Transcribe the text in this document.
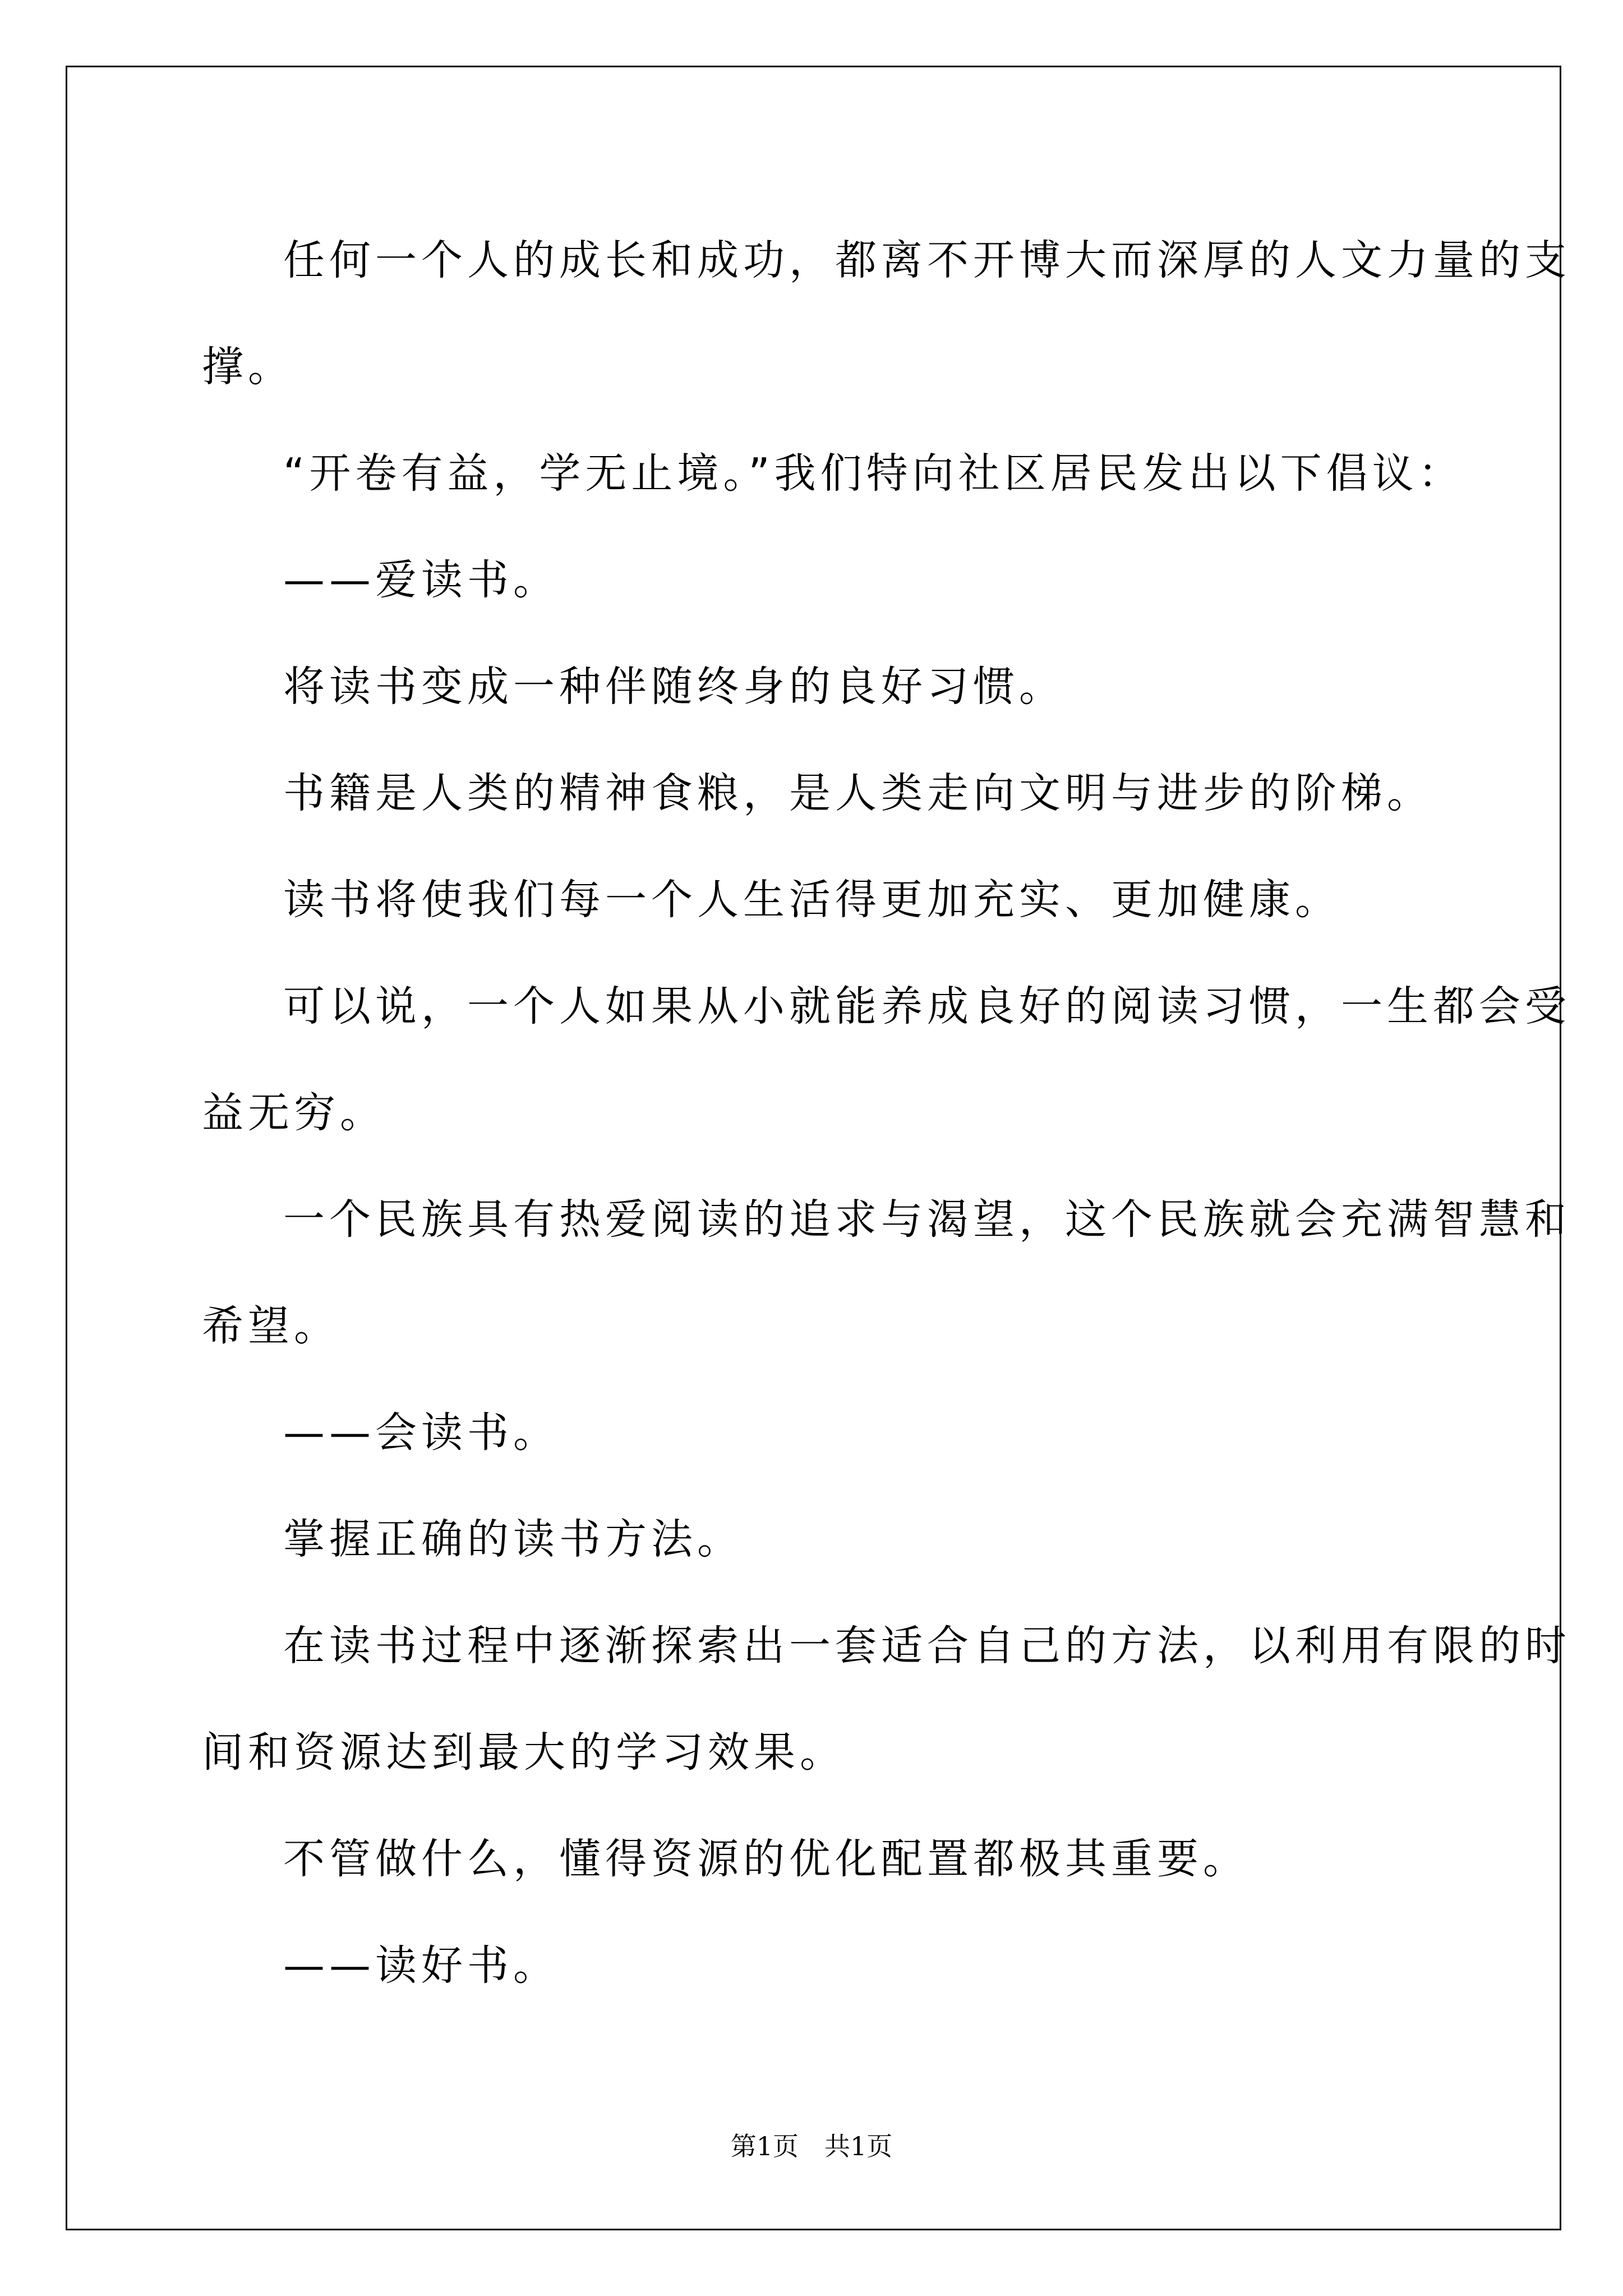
任何一个人的成长和成功，都离不开博大而深厚的人文力量的支
撑。
“开卷有益，学无止境。”我们特向社区居民发出以下倡议：
——爱读书。
将读书变成一种伴随终身的良好习惯。
书籍是人类的精神食粮，是人类走向文明与进步的阶梯。
读书将使我们每一个人生活得更加充实、更加健康。
可以说，一个人如果从小就能养成良好的阅读习惯，一生都会受
益无穷。
一个民族具有热爱阅读的追求与渴望，这个民族就会充满智慧和
希望。
——会读书。
掌握正确的读书方法。
在读书过程中逐渐探索出一套适合自己的方法，以利用有限的时
间和资源达到最大的学习效果。
不管做什么，懂得资源的优化配置都极其重要。
——读好书。
第1页　共1页
